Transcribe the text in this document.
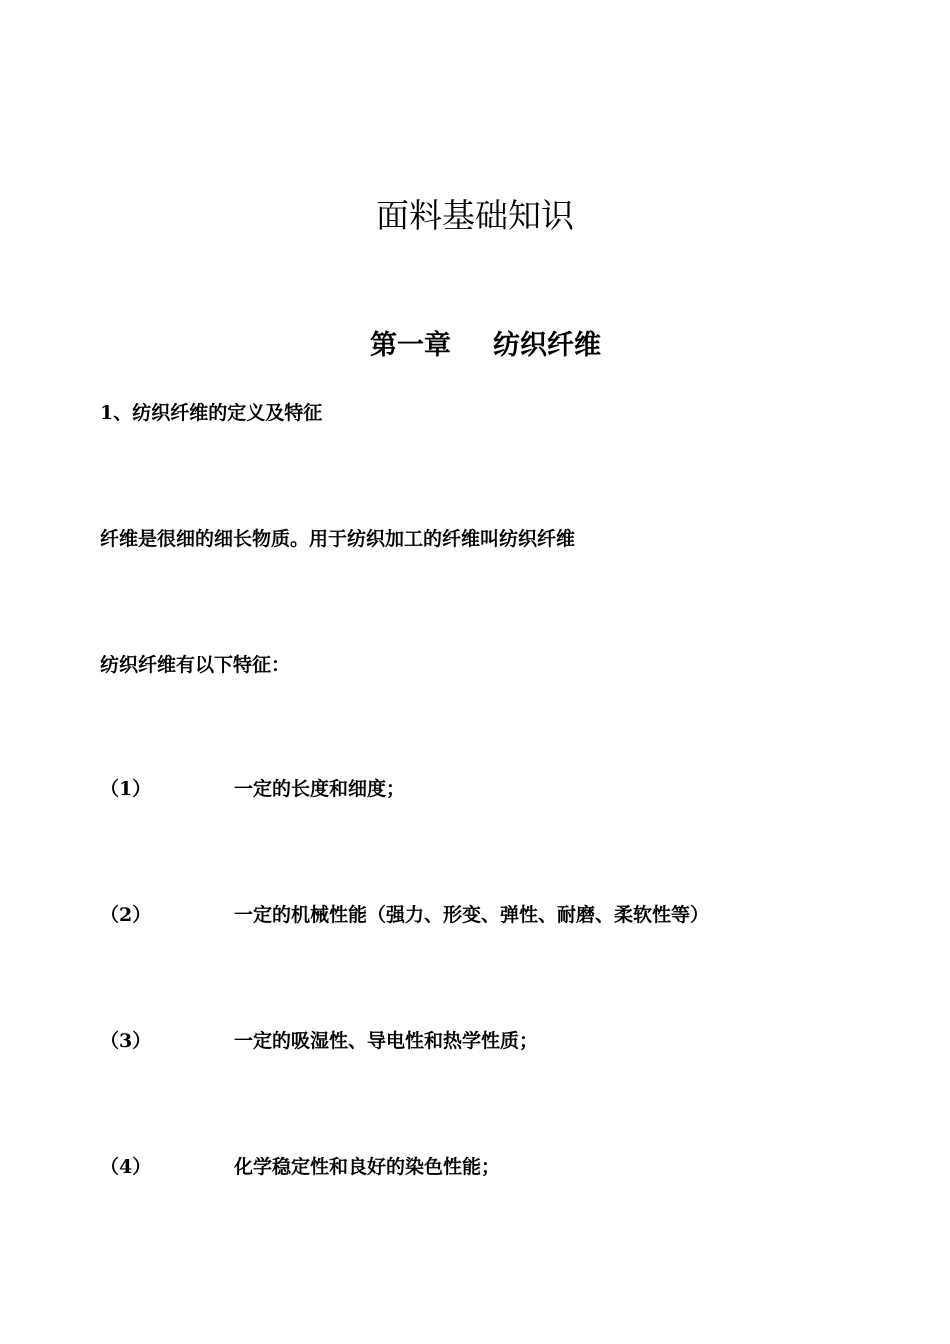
面料基础知识
第一章 纺织纤维
1、纺织纤维的定义及特征

纤维是很细的细长物质。用于纺织加工的纤维叫纺织纤维

纺织纤维有以下特征：

（1）	一定的长度和细度；
（2）	一定的机械性能（强力、形变、弹性、耐磨、柔软性等）
（3）	一定的吸湿性、导电性和热学性质；
（4）	化学稳定性和良好的染色性能；
